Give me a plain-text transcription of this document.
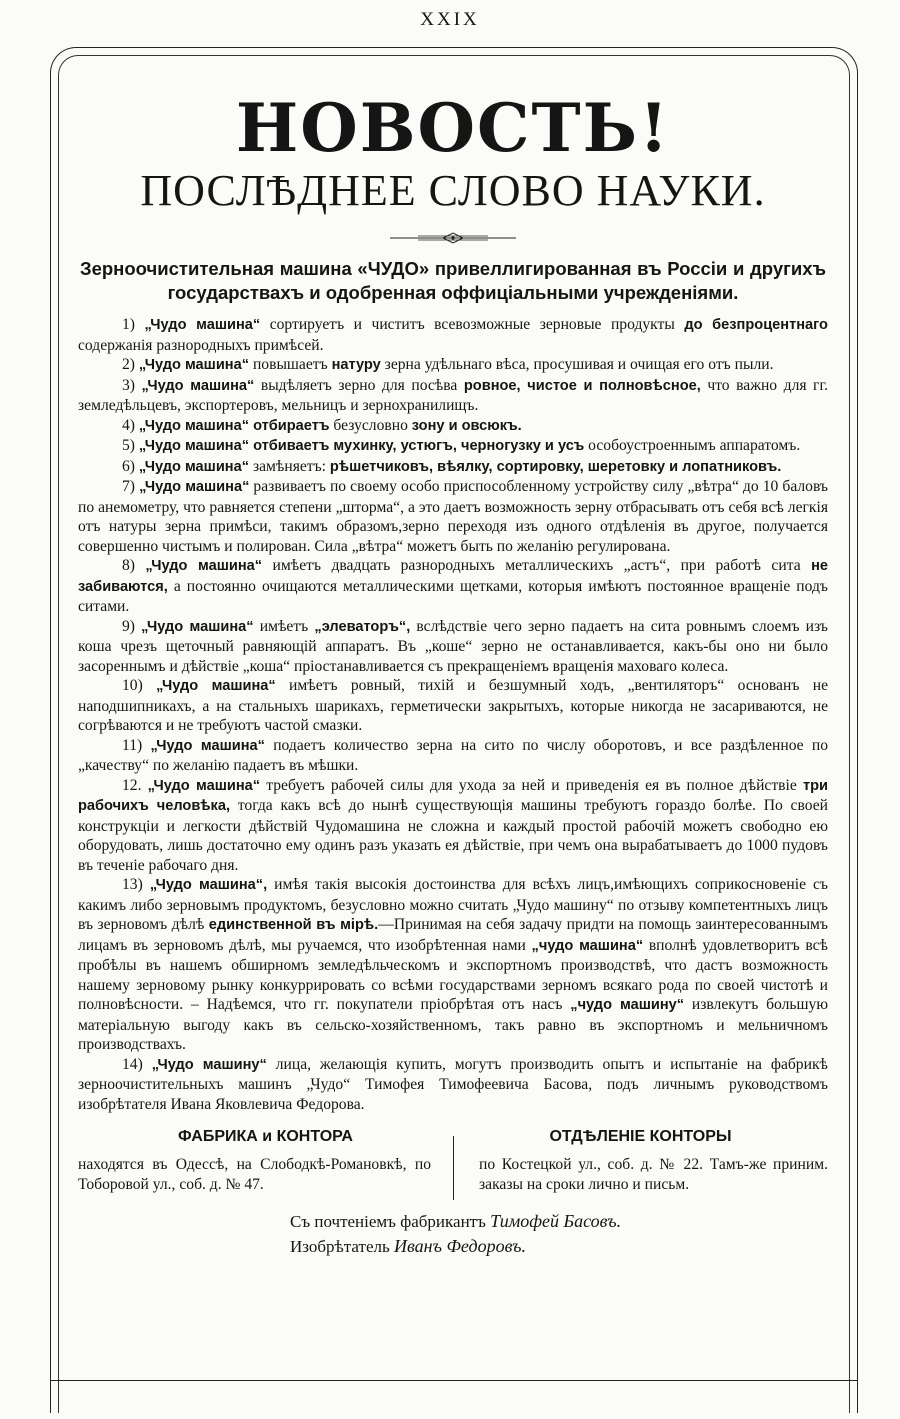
XXIX
НОВОСТЬ!
ПОСЛѢДНЕЕ СЛОВО НАУКИ.
Зерноочистительная машина «ЧУДО» привеллигированная въ Россіи и другихъ государствахъ и одобренная оффиціальными учрежденіями.

1) „Чудо машина“ сортируетъ и чиститъ всевозможные зерновые продукты до безпроцентнаго содержанія разнородныхъ примѣсей.

2) „Чудо машина“ повышаетъ натуру зерна удѣльнаго вѣса, просушивая и очищая его отъ пыли.

3) „Чудо машина“ выдѣляетъ зерно для посѣва ровное, чистое и полновѣсное, что важно для гг. земледѣльцевъ, экспортеровъ, мельницъ и зернохранилищъ.

4) „Чудо машина“ отбираетъ безусловно зону и овсюкъ.

5) „Чудо машина“ отбиваетъ мухинку, устюгъ, черногузку и усъ особоустроеннымъ аппаратомъ.

6) „Чудо машина“ замѣняетъ: рѣшетчиковъ, вѣялку, сортировку, шеретовку и лопатниковъ.

7) „Чудо машина“ развиваетъ по своему особо приспособленному устройству силу „вѣтра“ до 10 баловъ по анемометру, что равняется степени „шторма“, а это даетъ возможность зерну отбрасывать отъ себя всѣ легкія отъ натуры зерна примѣси, такимъ образомъ,зерно переходя изъ одного отдѣленія въ другое, получается совершенно чистымъ и полирован. Сила „вѣтра“ можетъ быть по желанію регулирована.

8) „Чудо машина“ имѣетъ двадцать разнородныхъ металлическихъ „астъ“, при работѣ сита не забиваются, а постоянно очищаются металлическими щетками, которыя имѣютъ постоянное вращеніе подъ ситами.

9) „Чудо машина“ имѣетъ „элеваторъ“, вслѣдствіе чего зерно падаетъ на сита ровнымъ слоемъ изъ коша чрезъ щеточный равняющій аппаратъ. Въ „коше“ зерно не останавливается, какъ-бы оно ни было засореннымъ и дѣйствіе „коша“ пріостанавливается съ прекращеніемъ вращенія маховаго колеса.

10) „Чудо машина“ имѣетъ ровный, тихій и безшумный ходъ, „вентиляторъ“ основанъ не наподшипникахъ, а на стальныхъ шарикахъ, герметически закрытыхъ, которые никогда не засариваются, не согрѣваются и не требуютъ частой смазки.

11) „Чудо машина“ подаетъ количество зерна на сито по числу оборотовъ, и все раздѣленное по „качеству“ по желанію падаетъ въ мѣшки.

12. „Чудо машина“ требуетъ рабочей силы для ухода за ней и приведенія ея въ полное дѣйствіе три рабочихъ человѣка, тогда какъ всѣ до нынѣ существующія машины требуютъ гораздо болѣе. По своей конструкціи и легкости дѣйствій Чудомашина не сложна и каждый простой рабочій можетъ свободно ею оборудовать, лишь достаточно ему одинъ разъ указать ея дѣйствіе, при чемъ она вырабатываетъ до 1000 пудовъ въ теченіе рабочаго дня.

13) „Чудо машина“, имѣя такія высокія достоинства для всѣхъ лицъ,имѣющихъ соприкосновеніе съ какимъ либо зерновымъ продуктомъ, безусловно можно считать „Чудо машину“ по отзыву компетентныхъ лицъ въ зерновомъ дѣлѣ единственной въ мірѣ.—Принимая на себя задачу придти на помощь заинтересованнымъ лицамъ въ зерновомъ дѣлѣ, мы ручаемся, что изобрѣтенная нами „чудо машина“ вполнѣ удовлетворитъ всѣ пробѣлы въ нашемъ обширномъ земледѣльческомъ и экспортномъ производствѣ, что дастъ возможность нашему зерновому рынку конкуррировать со всѣми государствами зерномъ всякаго рода по своей чистотѣ и полновѣсности. – Надѣемся, что гг. покупатели пріобрѣтая отъ насъ „чудо машину“ извлекутъ большую матеріальную выгоду какъ въ сельско-хозяйственномъ, такъ равно въ экспортномъ и мельничномъ производствахъ.

14) „Чудо машину“ лица, желающія купить, могутъ производить опытъ и испытаніе на фабрикѣ зерноочистительныхъ машинъ „Чудо“ Тимофея Тимофеевича Басова, подъ личнымъ руководствомъ изобрѣтателя Ивана Яковлевича Федорова.

ФАБРИКА и КОНТОРА
находятся въ Одессѣ, на Слободкѣ-Романовкѣ, по Тоборовой ул., соб. д. № 47.
ОТДѢЛЕНІЕ КОНТОРЫ
по Костецкой ул., соб. д. № 22. Тамъ-же приним. заказы на сроки лично и письм.
Съ почтеніемъ фабрикантъ Тимофей Басовъ.
Изобрѣтатель Иванъ Федоровъ.
